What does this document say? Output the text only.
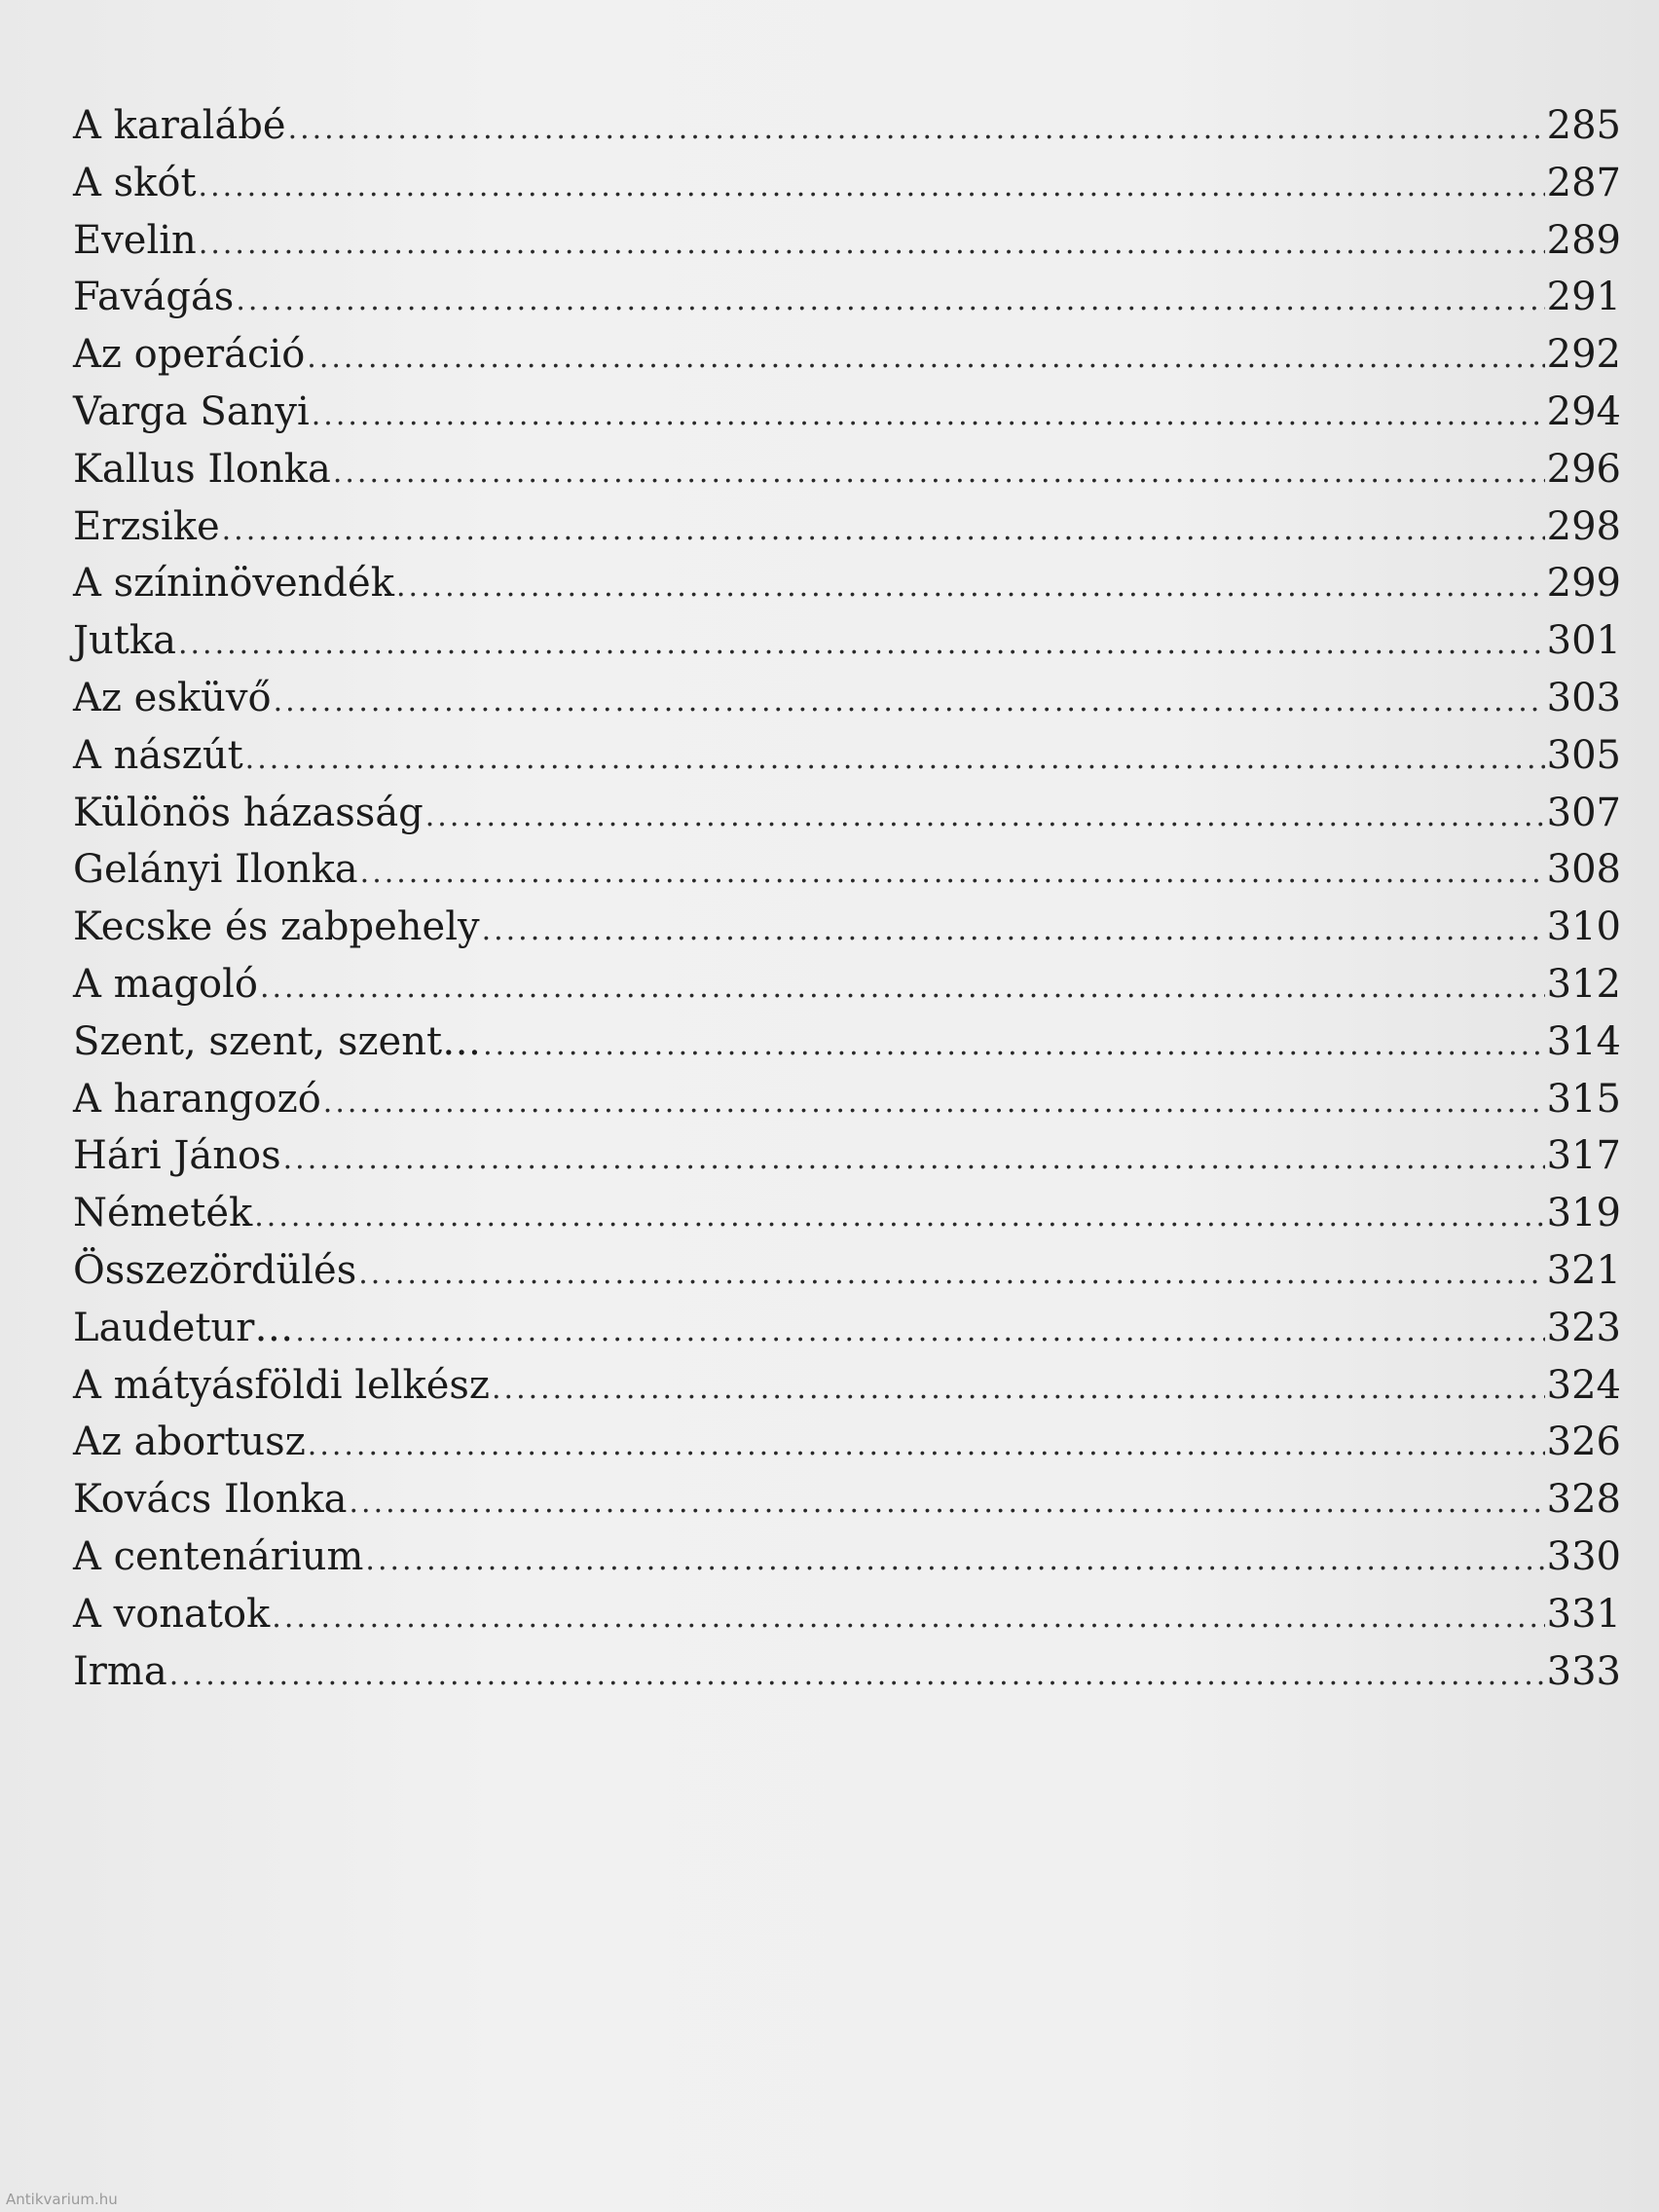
A karalábé .....	285
A skót .....	287
Evelin .....	289
Favágás .....	291
Az operáció .....	292
Varga Sanyi .....	294
Kallus Ilonka .....	296
Erzsike .....	298
A színinövendék .....	299
Jutka .....	301
Az esküvő .....	303
A nászút .....	305
Különös házasság .....	307
Gelányi Ilonka .....	308
Kecske és zabpehely .....	310
A magoló .....	312
Szent, szent, szent… .....	314
A harangozó .....	315
Hári János .....	317
Németék .....	319
Összezördülés .....	321
Laudetur… .....	323
A mátyásföldi lelkész .....	324
Az abortusz .....	326
Kovács Ilonka .....	328
A centenárium .....	330
A vonatok .....	331
Irma .....	333
Antikvarium.hu
